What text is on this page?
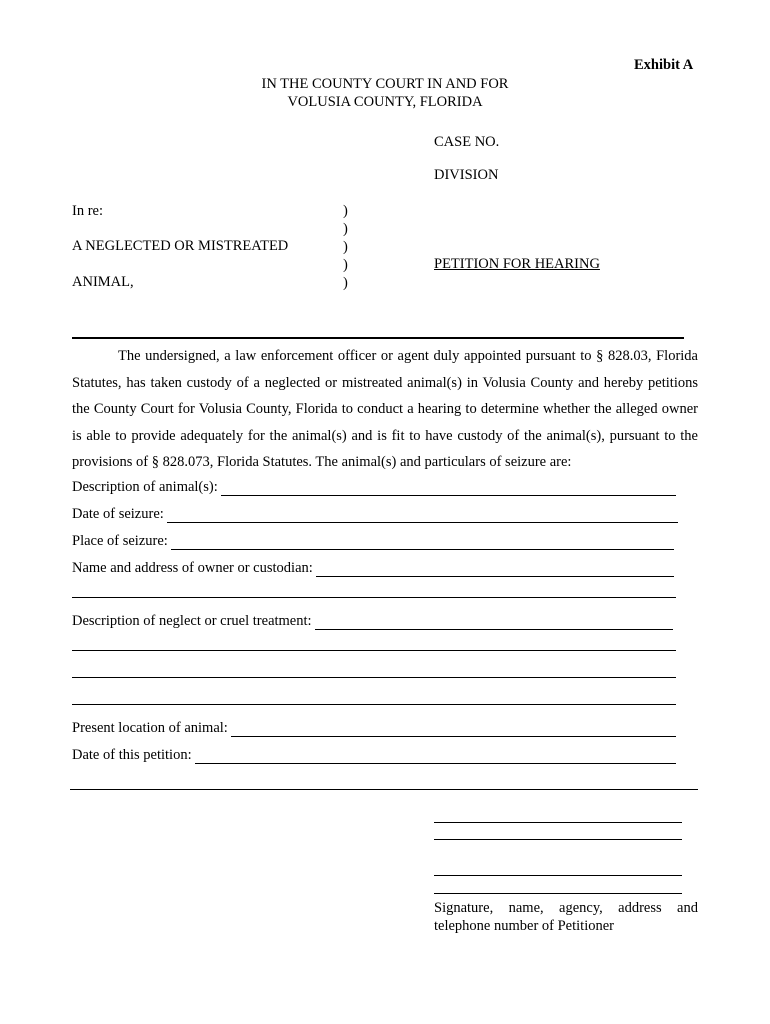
Exhibit A
IN THE COUNTY COURT IN AND FOR
VOLUSIA COUNTY, FLORIDA
CASE NO.
DIVISION
In re:
A NEGLECTED OR MISTREATED
ANIMAL,
)
)
)
)
)
PETITION FOR HEARING

The undersigned, a law enforcement officer or agent duly appointed pursuant to § 828.03, Florida Statutes, has taken custody of a neglected or mistreated animal(s) in Volusia County and hereby petitions the County Court for Volusia County, Florida to conduct a hearing to determine whether the alleged owner is able to provide adequately for the animal(s) and is fit to have custody of the animal(s), pursuant to the provisions of § 828.073, Florida Statutes. The animal(s) and particulars of seizure are:

Description of animal(s):
Date of seizure:
Place of seizure:
Name and address of owner or custodian:
Description of neglect or cruel treatment:
Present location of animal:
Date of this petition:
Signature, name, agency, address and
telephone number of Petitioner
